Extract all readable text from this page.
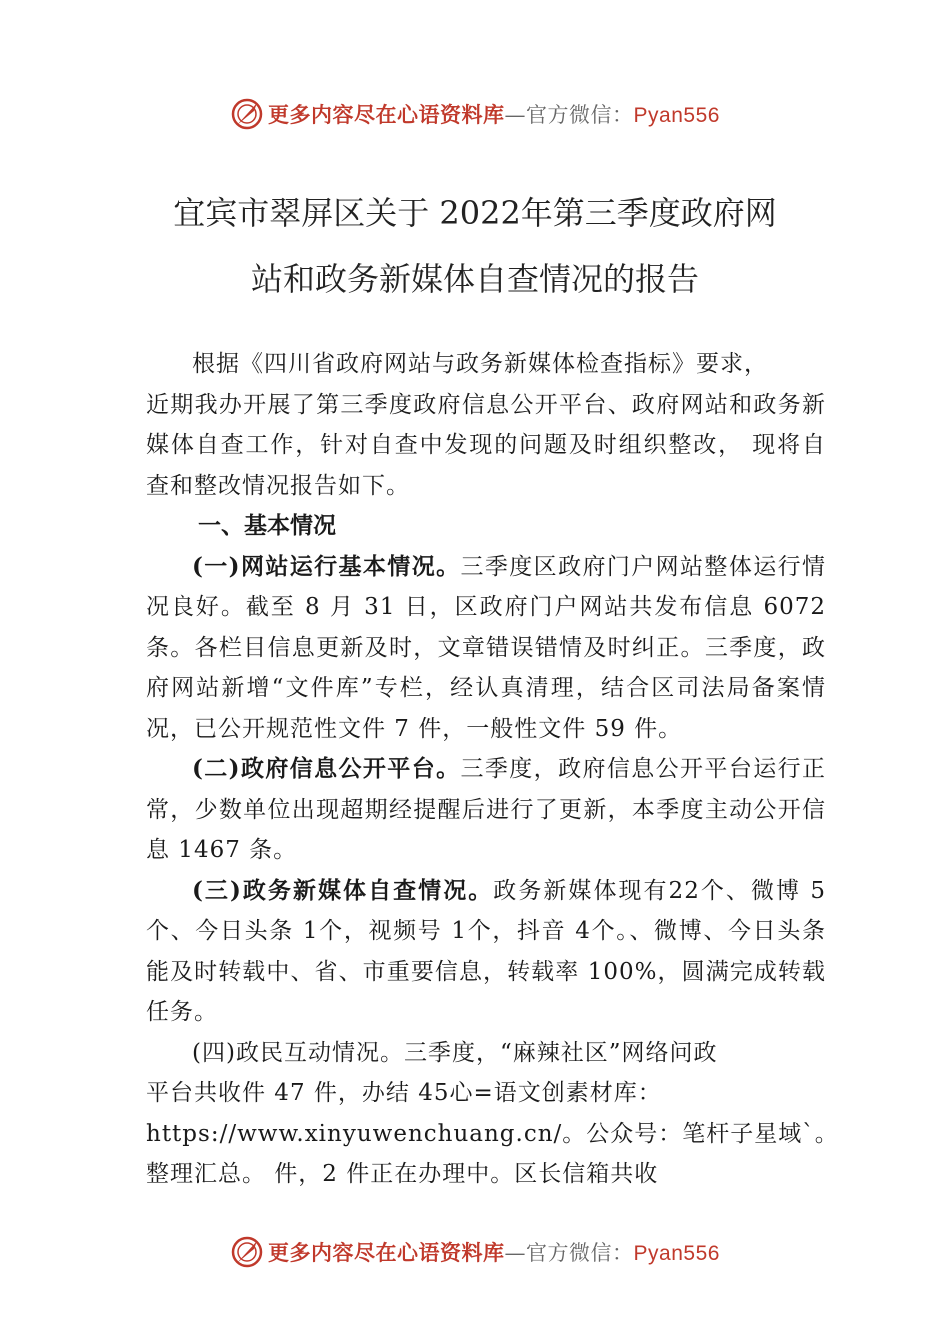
更多内容尽在心语资料库—官方微信：Pyan556
宜宾市翠屏区关于 2022年第三季度政府网
站和政务新媒体自查情况的报告

根据《四川省政府网站与政务新媒体检查指标》要求，

近期我办开展了第三季度政府信息公开平台、政府网站和政务新媒体自查工作，针对自查中发现的问题及时组织整改， 现将自查和整改情况报告如下。

一、基本情况

(一)网站运行基本情况。三季度区政府门户网站整体运行情况良好。截至 8 月 31 日，区政府门户网站共发布信息 6072 条。各栏目信息更新及时，文章错误错情及时纠正。三季度，政府网站新增“文件库”专栏，经认真清理，结合区司法局备案情况，已公开规范性文件 7 件，一般性文件 59 件。

(二)政府信息公开平台。三季度，政府信息公开平台运行正常，少数单位出现超期经提醒后进行了更新，本季度主动公开信息 1467 条。

(三)政务新媒体自查情况。政务新媒体现有22个、微博 5个、今日头条 1个，视频号 1个，抖音 4个。、微博、今日头条能及时转载中、省、市重要信息，转载率 100%，圆满完成转载任务。

(四)政民互动情况。三季度，“麻辣社区”网络问政
平台共收件 47 件，办结 45心=语文创素材库：
https://www.xinyuwenchuang.cn/。公众号：笔杆子星域`。
整理汇总。 件，2 件正在办理中。区长信箱共收
更多内容尽在心语资料库—官方微信：Pyan556
